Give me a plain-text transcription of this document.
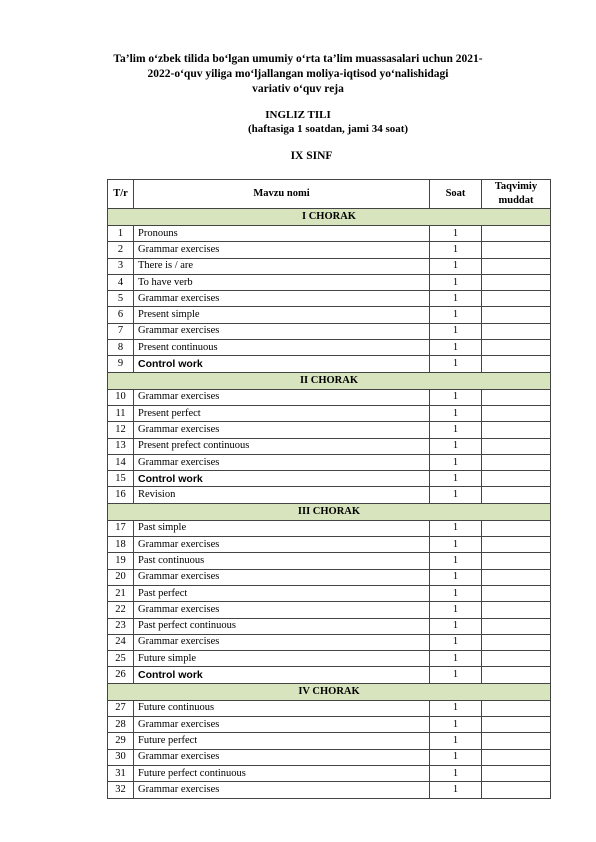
Ta’lim o‘zbek tilida bo‘lgan umumiy o‘rta ta’lim muassasalari uchun 2021-
2022-o‘quv yiliga mo‘ljallangan moliya-iqtisod yo‘nalishidagi
variativ o‘quv reja
INGLIZ TILI
(haftasiga 1 soatdan, jami 34 soat)
IX SINF
T/r	Mavzu nomi	Soat	Taqvimiy muddat
I CHORAK			
1	Pronouns	1	
2	Grammar exercises	1	
3	There is / are	1	
4	To have verb	1	
5	Grammar exercises	1	
6	Present simple	1	
7	Grammar exercises	1	
8	Present continuous	1	
9	Control work	1	
II CHORAK			
10	Grammar exercises	1	
11	Present perfect	1	
12	Grammar exercises	1	
13	Present prefect continuous	1	
14	Grammar exercises	1	
15	Control work	1	
16	Revision	1	
III CHORAK			
17	Past simple	1	
18	Grammar exercises	1	
19	Past continuous	1	
20	Grammar exercises	1	
21	Past perfect	1	
22	Grammar exercises	1	
23	Past perfect continuous	1	
24	Grammar exercises	1	
25	Future simple	1	
26	Control work	1	
IV CHORAK			
27	Future continuous	1	
28	Grammar exercises	1	
29	Future perfect	1	
30	Grammar exercises	1	
31	Future perfect continuous	1	
32	Grammar exercises	1	
